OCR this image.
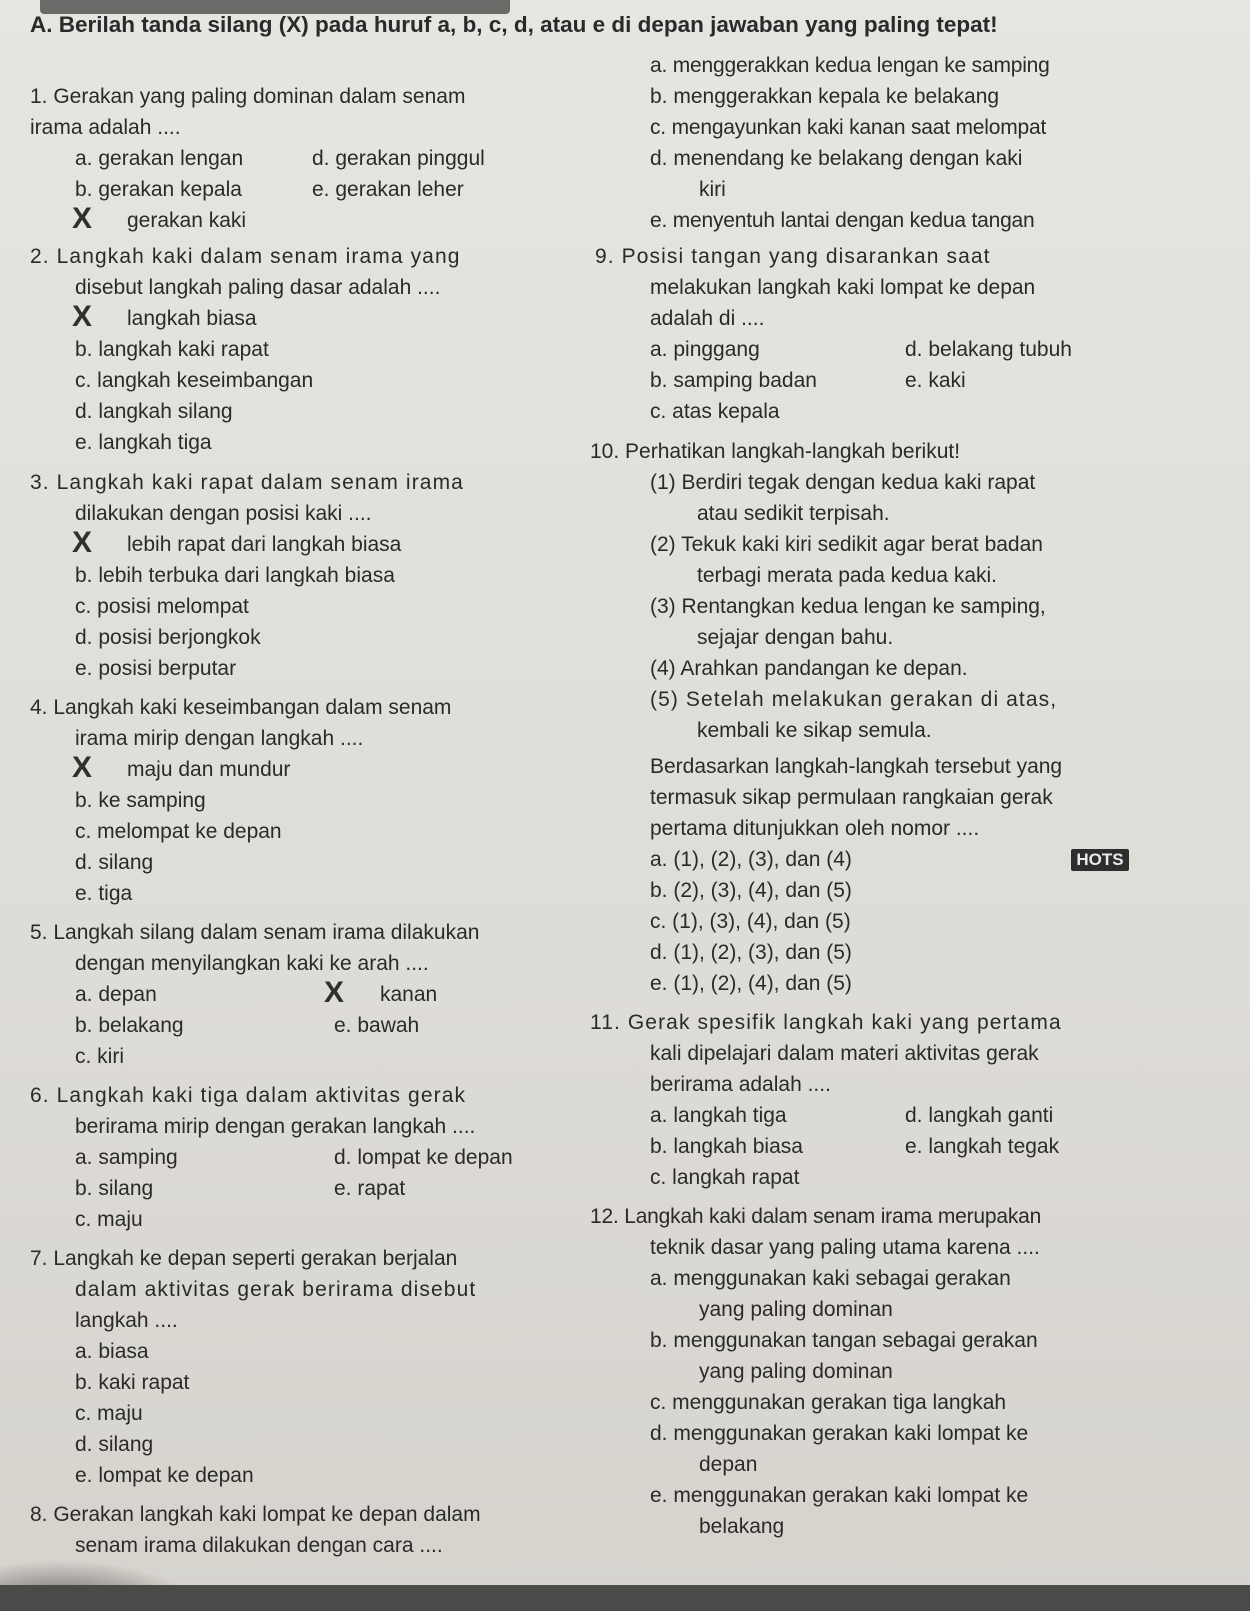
A. Berilah tanda silang (X) pada huruf a, b, c, d, atau e di depan jawaban yang paling tepat!
1. Gerakan yang paling dominan dalam senam
irama adalah ....
a. gerakan lengan	d. gerakan pinggul
b. gerakan kepala	e. gerakan leher
X gerakan kaki
2. Langkah kaki dalam senam irama yang
disebut langkah paling dasar adalah ....
X langkah biasa
b. langkah kaki rapat
c. langkah keseimbangan
d. langkah silang
e. langkah tiga
3. Langkah kaki rapat dalam senam irama
dilakukan dengan posisi kaki ....
X lebih rapat dari langkah biasa
b. lebih terbuka dari langkah biasa
c. posisi melompat
d. posisi berjongkok
e. posisi berputar
4. Langkah kaki keseimbangan dalam senam
irama mirip dengan langkah ....
X maju dan mundur
b. ke samping
c. melompat ke depan
d. silang
e. tiga
5. Langkah silang dalam senam irama dilakukan
dengan menyilangkan kaki ke arah ....
a. depan	X kanan
b. belakang	e. bawah
c. kiri
6. Langkah kaki tiga dalam aktivitas gerak
berirama mirip dengan gerakan langkah ....
a. samping	d. lompat ke depan
b. silang	e. rapat
c. maju
7. Langkah ke depan seperti gerakan berjalan
dalam aktivitas gerak berirama disebut
langkah ....
a. biasa
b. kaki rapat
c. maju
d. silang
e. lompat ke depan
8. Gerakan langkah kaki lompat ke depan dalam
senam irama dilakukan dengan cara ....
a. menggerakkan kedua lengan ke samping
b. menggerakkan kepala ke belakang
c. mengayunkan kaki kanan saat melompat
d. menendang ke belakang dengan kaki
kiri
e. menyentuh lantai dengan kedua tangan
9. Posisi tangan yang disarankan saat
melakukan langkah kaki lompat ke depan
adalah di ....
a. pinggang	d. belakang tubuh
b. samping badan	e. kaki
c. atas kepala
10. Perhatikan langkah-langkah berikut!
(1) Berdiri tegak dengan kedua kaki rapat
atau sedikit terpisah.
(2) Tekuk kaki kiri sedikit agar berat badan
terbagi merata pada kedua kaki.
(3) Rentangkan kedua lengan ke samping,
sejajar dengan bahu.
(4) Arahkan pandangan ke depan.
(5) Setelah melakukan gerakan di atas,
kembali ke sikap semula.
Berdasarkan langkah-langkah tersebut yang
termasuk sikap permulaan rangkaian gerak
pertama ditunjukkan oleh nomor ....
HOTS
a. (1), (2), (3), dan (4)
b. (2), (3), (4), dan (5)
c. (1), (3), (4), dan (5)
d. (1), (2), (3), dan (5)
e. (1), (2), (4), dan (5)
11. Gerak spesifik langkah kaki yang pertama
kali dipelajari dalam materi aktivitas gerak
berirama adalah ....
a. langkah tiga	d. langkah ganti
b. langkah biasa	e. langkah tegak
c. langkah rapat
12. Langkah kaki dalam senam irama merupakan
teknik dasar yang paling utama karena ....
a. menggunakan kaki sebagai gerakan
yang paling dominan
b. menggunakan tangan sebagai gerakan
yang paling dominan
c. menggunakan gerakan tiga langkah
d. menggunakan gerakan kaki lompat ke
depan
e. menggunakan gerakan kaki lompat ke
belakang
